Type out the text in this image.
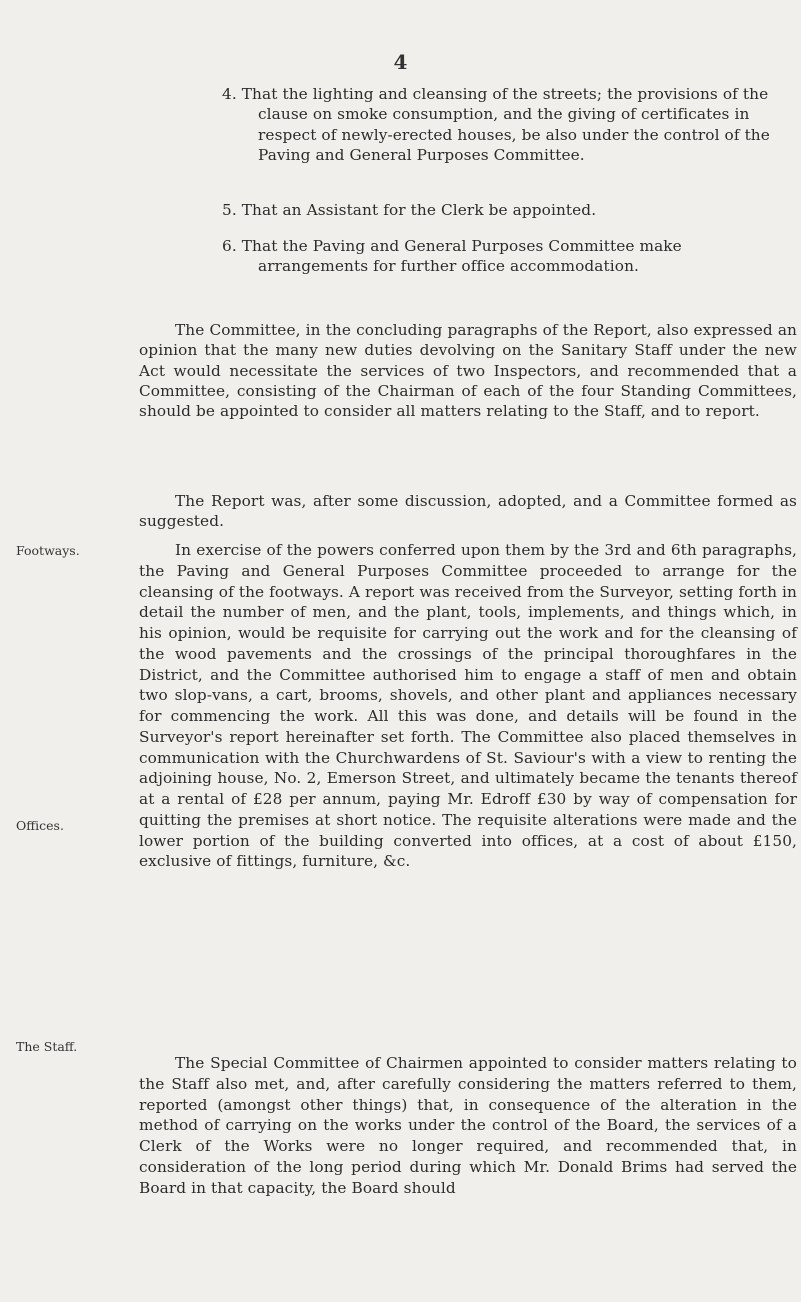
4
4. That the lighting and cleansing of the streets; the provisions of the clause on smoke consumption, and the giving of certificates in respect of newly-erected houses, be also under the control of the Paving and General Purposes Committee.
5. That an Assistant for the Clerk be appointed.
6. That the Paving and General Purposes Committee make arrangements for further office accommodation.
The Committee, in the concluding paragraphs of the Report, also expressed an opinion that the many new duties devolving on the Sanitary Staff under the new Act would necessitate the services of two Inspectors, and recommended that a Committee, consisting of the Chairman of each of the four Standing Committees, should be appointed to consider all matters relating to the Staff, and to report.
The Report was, after some discussion, adopted, and a Committee formed as suggested.
In exercise of the powers conferred upon them by the 3rd and 6th paragraphs, the Paving and General Purposes Committee proceeded to arrange for the cleansing of the footways. A report was received from the Surveyor, setting forth in detail the number of men, and the plant, tools, implements, and things which, in his opinion, would be requisite for carrying out the work and for the cleansing of the wood pavements and the crossings of the principal thoroughfares in the District, and the Committee authorised him to engage a staff of men and obtain two slop-vans, a cart, brooms, shovels, and other plant and appliances necessary for commencing the work. All this was done, and details will be found in the Surveyor's report hereinafter set forth. The Committee also placed themselves in communication with the Churchwardens of St. Saviour's with a view to renting the adjoining house, No. 2, Emerson Street, and ultimately became the tenants thereof at a rental of £28 per annum, paying Mr. Edroff £30 by way of compensation for quitting the premises at short notice. The requisite alterations were made and the lower portion of the building converted into offices, at a cost of about £150, exclusive of fittings, furniture, &c.
The Special Committee of Chairmen appointed to consider matters relating to the Staff also met, and, after carefully considering the matters referred to them, reported (amongst other things) that, in consequence of the alteration in the method of carrying on the works under the control of the Board, the services of a Clerk of the Works were no longer required, and recommended that, in consideration of the long period during which Mr. Donald Brims had served the Board in that capacity, the Board should
Footways.
Offices.
The Staff.
